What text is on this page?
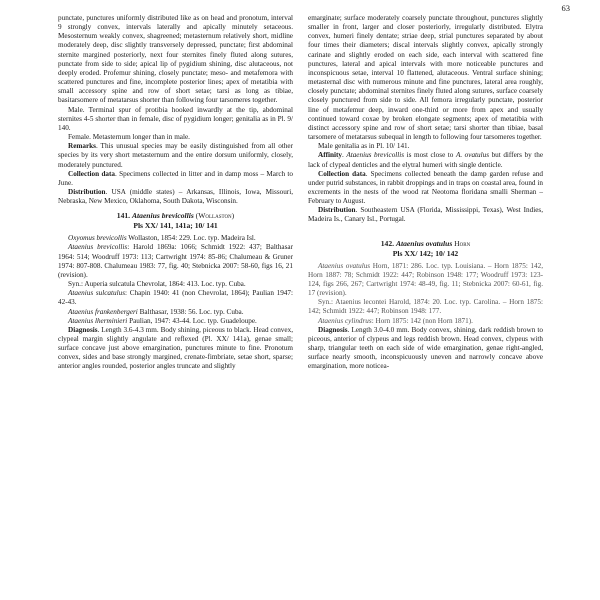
63

punctate, punctures uniformly distributed like as on head and pronotum, interval 9 strongly convex, intervals laterally and apically minutely setaceous. Mesosternum weakly convex, shagreened; metasternum relatively short, midline moderately deep, disc slightly transversely depressed, punctate; first abdominal sternite margined posteriorly, next four sternites finely fluted along sutures, punctate from side to side; apical lip of pygidium shining, disc alutaceous, not deeply eroded. Profemur shining, closely punctate; meso- and metafemora with scattered punctures and fine, incomplete posterior lines; apex of metatibia with small accessory spine and row of short setae; tarsi as long as tibiae, basitarsomere of metatarsus shorter than following four tarsomeres together.

Male. Terminal spur of protibia hooked inwardly at the tip, abdominal sternites 4-5 shorter than in female, disc of pygidium longer; genitalia as in Pl. 9/ 140.

Female. Metasternum longer than in male.

Remarks. This unusual species may be easily distinguished from all other species by its very short metasternum and the entire dorsum uniformly, closely, moderately punctured.

Collection data. Specimens collected in litter and in damp moss – March to June.

Distribution. USA (middle states) – Arkansas, Illinois, Iowa, Missouri, Nebraska, New Mexico, Oklahoma, South Dakota, Wisconsin.

141. Ataenius brevicollis (Wollaston)
Pls XX/ 141, 141a; 10/ 141

Oxyomus brevicollis Wollaston, 1854: 229. Loc. typ. Madeira Isl.

Ataenius brevicollis: Harold 1869a: 1066; Schmidt 1922: 437; Balthasar 1964: 514; Woodruff 1973: 113; Cartwright 1974: 85-86; Chalumeau & Gruner 1974: 807-808. Chalumeau 1983: 77, fig. 40; Stebnicka 2007: 58-60, figs 16, 21 (revision).

Syn.: Auperia sulcatula Chevrolat, 1864: 413. Loc. typ. Cuba.

Ataenius sulcatulus: Chapin 1940: 41 (non Chevrolat, 1864); Paulian 1947: 42-43.

Ataenius frankenbergeri Balthasar, 1938: 56. Loc. typ. Cuba.

Ataenius lherminieri Paulian, 1947: 43-44. Loc. typ. Guadeloupe.

Diagnosis. Length 3.6-4.3 mm. Body shining, piceous to black. Head convex, clypeal margin slightly angulate and reflexed (Pl. XX/ 141a), genae small; surface concave just above emargination, punctures minute to fine. Pronotum convex, sides and base strongly margined, crenate-fimbriate, setae short, sparse; anterior angles rounded, posterior angles truncate and slightly

emarginate; surface moderately coarsely punctate throughout, punctures slightly smaller in front, larger and closer posteriorly, irregularly distributed. Elytra convex, humeri finely dentate; striae deep, strial punctures separated by about four times their diameters; discal intervals slightly convex, apically strongly carinate and slightly eroded on each side, each interval with scattered fine punctures, lateral and apical intervals with more noticeable punctures and inconspicuous setae, interval 10 flattened, alutaceous. Ventral surface shining; metasternal disc with numerous minute and fine punctures, lateral area roughly, closely punctate; abdominal sternites finely fluted along sutures, surface coarsely closely punctured from side to side. All femora irregularly punctate, posterior line of metafemur deep, inward one-third or more from apex and usually continued toward coxae by broken elongate segments; apex of metatibia with distinct accessory spine and row of short setae; tarsi shorter than tibiae, basal tarsomere of metatarsus subequal in length to following four tarsomeres together.

Male genitalia as in Pl. 10/ 141.

Affinity. Ataenius brevicollis is most close to A. ovatulus but differs by the lack of clypeal denticles and the elytral humeri with single denticle.

Collection data. Specimens collected beneath the damp garden refuse and under putrid substances, in rabbit droppings and in traps on coastal area, found in excrements in the nests of the wood rat Neotoma floridana smalli Sherman – February to August.

Distribution. Southeastern USA (Florida, Mississippi, Texas), West Indies, Madeira Is., Canary Isl., Portugal.

142. Ataenius ovatulus Horn
Pls XX/ 142; 10/ 142

Ataenius ovatulus Horn, 1871: 286. Loc. typ. Louisiana. – Horn 1875: 142, Horn 1887: 78; Schmidt 1922: 447; Robinson 1948: 177; Woodruff 1973: 123-124, figs 266, 267; Cartwright 1974: 48-49, fig. 11; Stebnicka 2007: 60-61, fig. 17 (revision).

Syn.: Ataenius lecontei Harold, 1874: 20. Loc. typ. Carolina. – Horn 1875: 142; Schmidt 1922: 447; Robinson 1948: 177.

Ataenius cylindrus: Horn 1875: 142 (non Horn 1871).

Diagnosis. Length 3.0-4.0 mm. Body convex, shining, dark reddish brown to piceous, anterior of clypeus and legs reddish brown. Head convex, clypeus with sharp, triangular teeth on each side of wide emargination, genae right-angled, surface nearly smooth, inconspicuously uneven and narrowly concave above emargination, more noticea-
